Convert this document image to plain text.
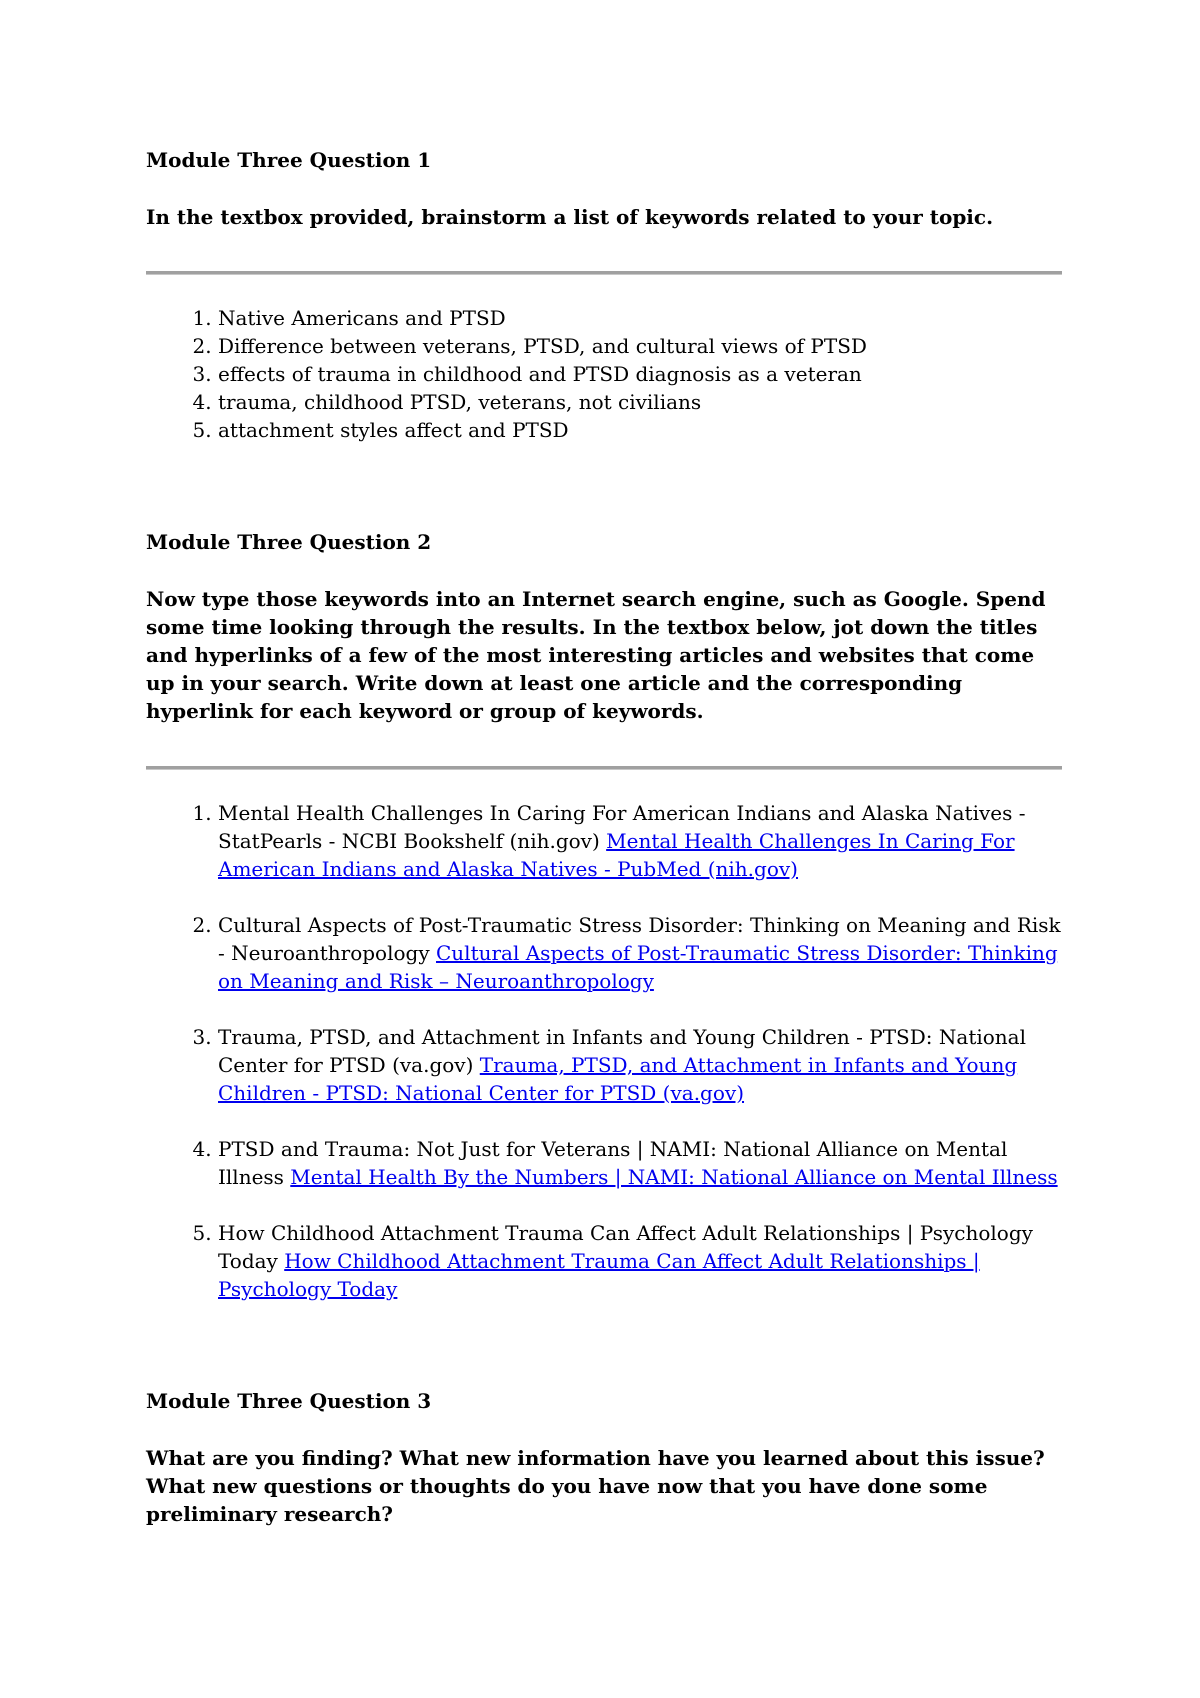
Module Three Question 1

In the textbox provided, brainstorm a list of keywords related to your topic.

1. Native Americans and PTSD
2. Difference between veterans, PTSD, and cultural views of PTSD
3. effects of trauma in childhood and PTSD diagnosis as a veteran
4. trauma, childhood PTSD, veterans, not civilians
5. attachment styles affect and PTSD

Module Three Question 2

Now type those keywords into an Internet search engine, such as Google. Spend some time looking through the results. In the textbox below, jot down the titles and hyperlinks of a few of the most interesting articles and websites that come up in your search. Write down at least one article and the corresponding hyperlink for each keyword or group of keywords.

1. Mental Health Challenges In Caring For American Indians and Alaska Natives - StatPearls - NCBI Bookshelf (nih.gov) Mental Health Challenges In Caring For American Indians and Alaska Natives - PubMed (nih.gov)
2. Cultural Aspects of Post-Traumatic Stress Disorder: Thinking on Meaning and Risk - Neuroanthropology Cultural Aspects of Post-Traumatic Stress Disorder: Thinking on Meaning and Risk – Neuroanthropology
3. Trauma, PTSD, and Attachment in Infants and Young Children - PTSD: National Center for PTSD (va.gov) Trauma, PTSD, and Attachment in Infants and Young Children - PTSD: National Center for PTSD (va.gov)
4. PTSD and Trauma: Not Just for Veterans | NAMI: National Alliance on Mental Illness Mental Health By the Numbers | NAMI: National Alliance on Mental Illness
5. How Childhood Attachment Trauma Can Affect Adult Relationships | Psychology Today How Childhood Attachment Trauma Can Affect Adult Relationships | Psychology Today

Module Three Question 3

What are you finding? What new information have you learned about this issue? What new questions or thoughts do you have now that you have done some preliminary research?
